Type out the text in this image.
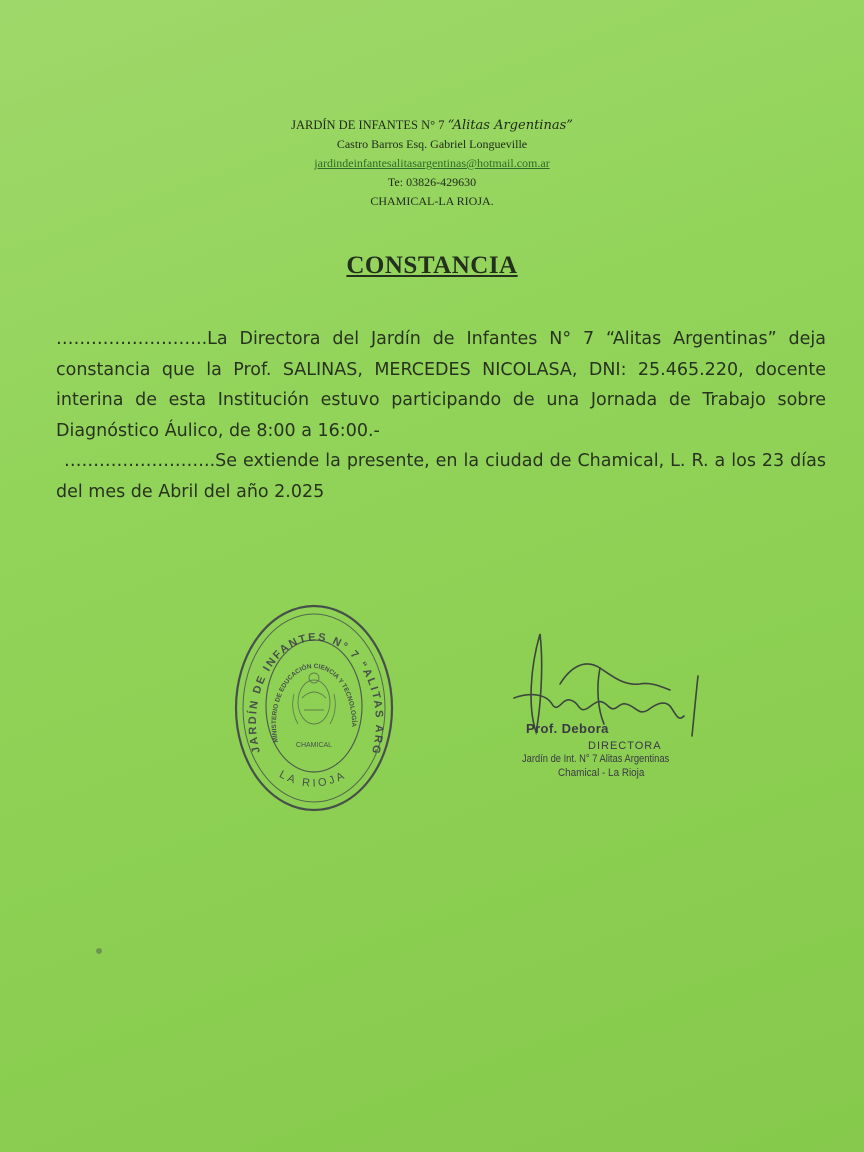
JARDÍN DE INFANTES N° 7 “Alitas Argentinas”
Castro Barros Esq. Gabriel Longueville
jardindeinfantesalitasargentinas@hotmail.com.ar
Te: 03826-429630
CHAMICAL-LA RIOJA.
CONSTANCIA

……………………..La Directora del Jardín de Infantes N° 7 “Alitas Argentinas” deja constancia que la Prof. SALINAS, MERCEDES NICOLASA, DNI: 25.465.220, docente interina de esta Institución estuvo participando de una Jornada de Trabajo sobre Diagnóstico Áulico, de 8:00 a 16:00.-

……………………..Se extiende la presente, en la ciudad de Chamical, L. R. a los 23 días del mes de Abril del año 2.025

JARDÍN DE INFANTES N° 7 “ALITAS ARG
MINISTERIO DE EDUCACIÓN CIENCIA Y TECNOLOGÍA
CHAMICAL
LA RIOJA
Prof. Debora
DIRECTORA
Jardín de Int. N° 7 Alitas Argentinas
Chamical - La Rioja
